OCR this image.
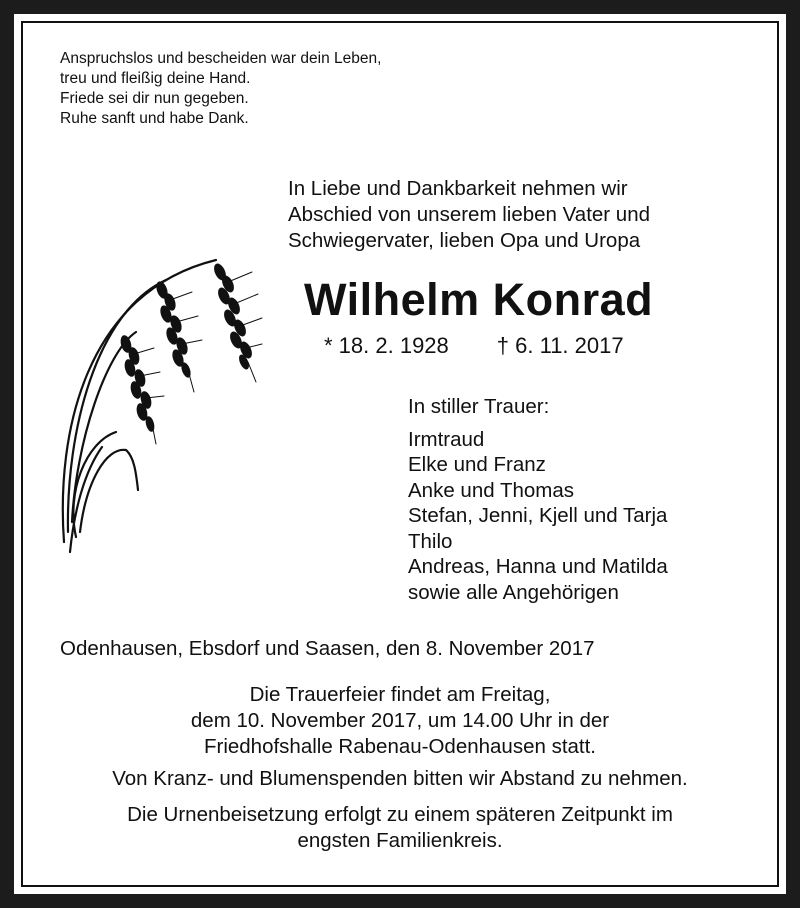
Anspruchslos und bescheiden war dein Leben,
treu und fleißig deine Hand.
Friede sei dir nun gegeben.
Ruhe sanft und habe Dank.
In Liebe und Dankbarkeit nehmen wir
Abschied von unserem lieben Vater und
Schwiegervater, lieben Opa und Uropa
Wilhelm Konrad
* 18. 2. 1928 † 6. 11. 2017
In stiller Trauer:
Irmtraud
Elke und Franz
Anke und Thomas
Stefan, Jenni, Kjell und Tarja
Thilo
Andreas, Hanna und Matilda
sowie alle Angehörigen
Odenhausen, Ebsdorf und Saasen, den 8. November 2017
Die Trauerfeier findet am Freitag,
dem 10. November 2017, um 14.00 Uhr in der
Friedhofshalle Rabenau-Odenhausen statt.
Von Kranz- und Blumenspenden bitten wir Abstand zu nehmen.
Die Urnenbeisetzung erfolgt zu einem späteren Zeitpunkt im
engsten Familienkreis.
